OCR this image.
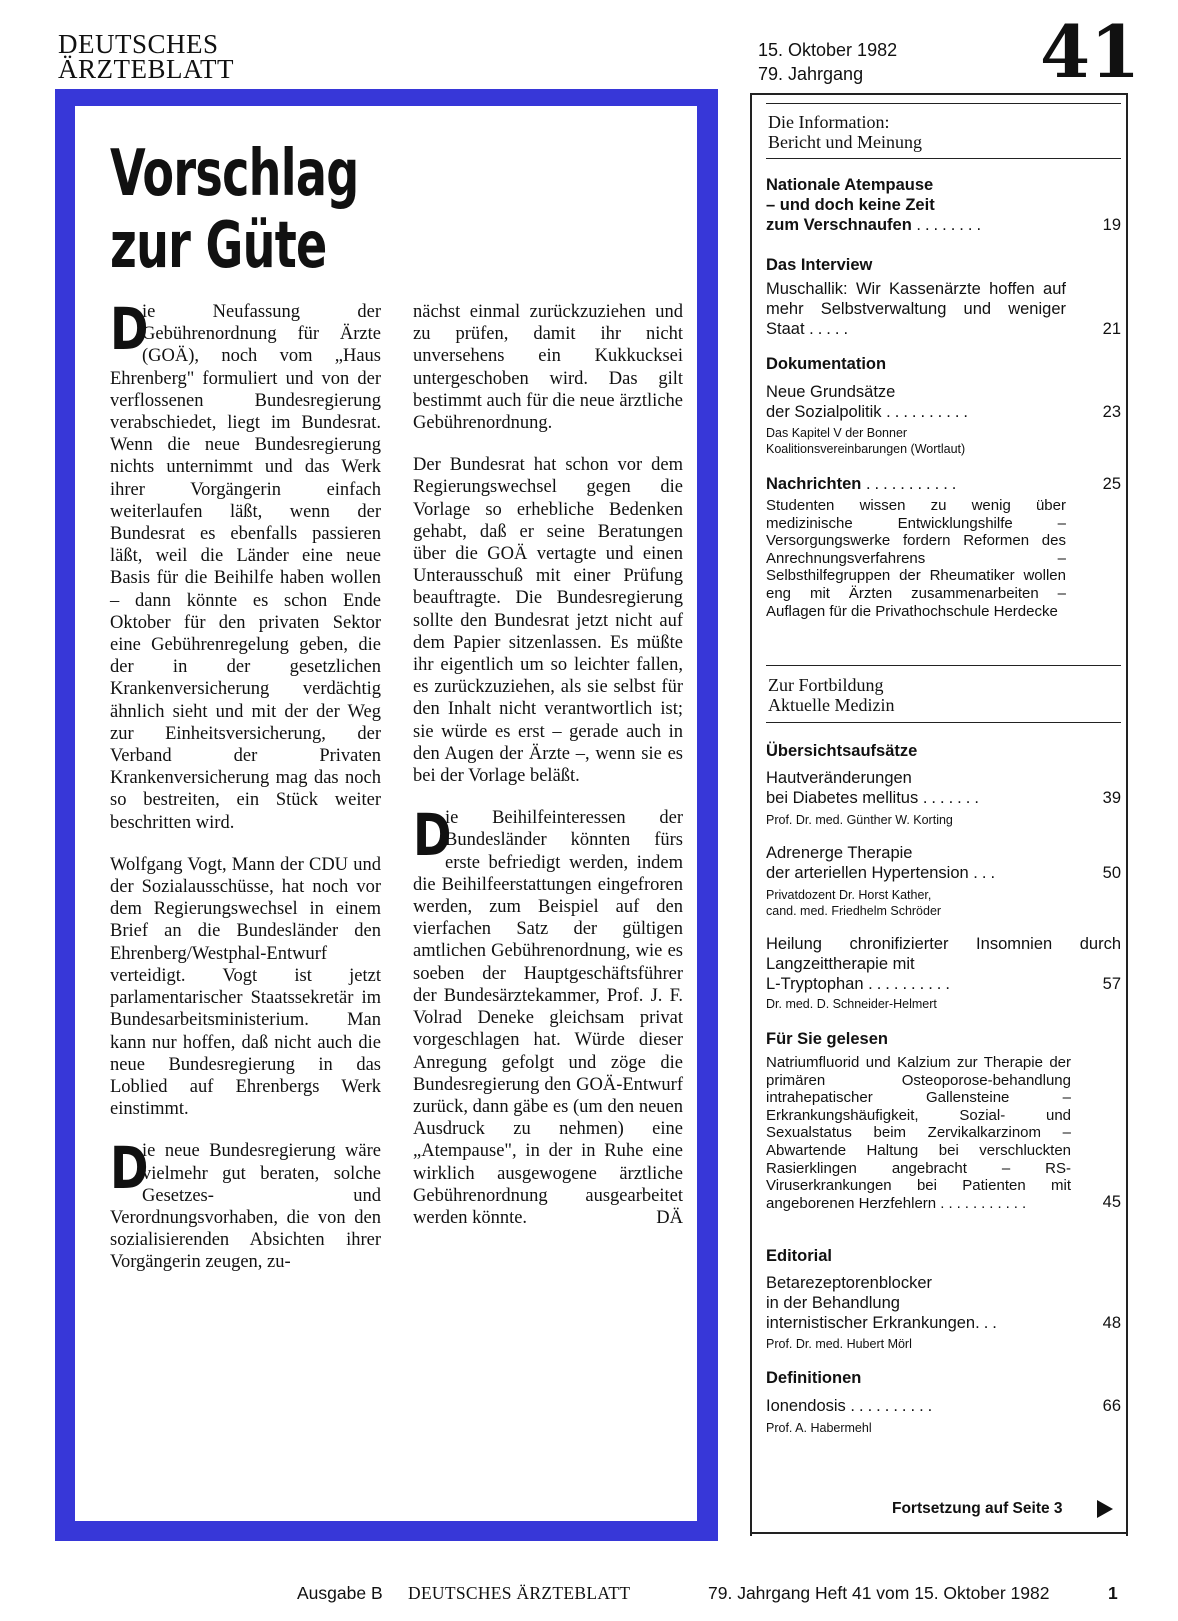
DEUTSCHES
ÄRZTEBLATT
15. Oktober 1982
79. Jahrgang	41
Vorschlag
zur Güte

D
ie Neufassung der Gebührenordnung für Ärzte (GOÄ), noch vom „Haus Ehrenberg" formuliert und von der verflossenen Bundesregierung verabschiedet, liegt im Bundesrat. Wenn die neue Bundesregierung nichts unternimmt und das Werk ihrer Vorgängerin einfach weiterlaufen läßt, wenn der Bundesrat es ebenfalls passieren läßt, weil die Länder eine neue Basis für die Beihilfe haben wollen – dann könnte es schon Ende Oktober für den privaten Sektor eine Gebührenregelung geben, die der in der gesetzlichen Krankenversicherung verdächtig ähnlich sieht und mit der der Weg zur Einheitsversicherung, der Verband der Privaten Krankenversicherung mag das noch so bestreiten, ein Stück weiter beschritten wird.

Wolfgang Vogt, Mann der CDU und der Sozialausschüsse, hat noch vor dem Regierungswechsel in einem Brief an die Bundesländer den Ehrenberg/Westphal-Entwurf verteidigt. Vogt ist jetzt parlamentarischer Staatssekretär im Bundesarbeitsministerium. Man kann nur hoffen, daß nicht auch die neue Bundesregierung in das Loblied auf Ehrenbergs Werk einstimmt.

D
ie neue Bundesregierung wäre vielmehr gut beraten, solche Gesetzes- und Verordnungsvorhaben, die von den sozialisierenden Absichten ihrer Vorgängerin zeugen, zu-

nächst einmal zurückzuziehen und zu prüfen, damit ihr nicht unversehens ein Kukkucksei untergeschoben wird. Das gilt bestimmt auch für die neue ärztliche Gebührenordnung.

Der Bundesrat hat schon vor dem Regierungswechsel gegen die Vorlage so erhebliche Bedenken gehabt, daß er seine Beratungen über die GOÄ vertagte und einen Unterausschuß mit einer Prüfung beauftragte. Die Bundesregierung sollte den Bundesrat jetzt nicht auf dem Papier sitzenlassen. Es müßte ihr eigentlich um so leichter fallen, es zurückzuziehen, als sie selbst für den Inhalt nicht verantwortlich ist; sie würde es erst – gerade auch in den Augen der Ärzte –, wenn sie es bei der Vorlage beläßt.

D
ie Beihilfeinteressen der Bundesländer könnten fürs erste befriedigt werden, indem die Beihilfeerstattungen eingefroren werden, zum Beispiel auf den vierfachen Satz der gültigen amtlichen Gebührenordnung, wie es soeben der Hauptgeschäftsführer der Bundesärztekammer, Prof. J. F. Volrad Deneke gleichsam privat vorgeschlagen hat. Würde dieser Anregung gefolgt und zöge die Bundesregierung den GOÄ-Entwurf zurück, dann gäbe es (um den neuen Ausdruck zu nehmen) eine „Atempause", in der in Ruhe eine wirklich ausgewogene ärztliche Gebührenordnung ausgearbeitet werden könnte.	DÄ

Die Information:
Bericht und Meinung
Nationale Atempause
– und doch keine Zeit
zum Verschnaufen ........	19
Das Interview
Muschallik: Wir Kassenärzte hoffen auf mehr Selbstverwaltung und weniger Staat .....	21
Dokumentation
Neue Grundsätze
der Sozialpolitik ..........	23
Das Kapitel V der Bonner
Koalitionsvereinbarungen (Wortlaut)
Nachrichten ...........	25
Studenten wissen zu wenig über medizinische Entwicklungshilfe – Versorgungswerke fordern Reformen des Anrechnungsverfahrens – Selbsthilfegruppen der Rheumatiker wollen eng mit Ärzten zusammenarbeiten – Auflagen für die Privathochschule Herdecke
Zur Fortbildung
Aktuelle Medizin
Übersichtsaufsätze
Hautveränderungen
bei Diabetes mellitus .......	39
Prof. Dr. med. Günther W. Korting
Adrenerge Therapie
der arteriellen Hypertension ...	50
Privatdozent Dr. Horst Kather,
cand. med. Friedhelm Schröder
Heilung chronifizierter Insomnien durch Langzeittherapie mit
L-Tryptophan ..........	57
Dr. med. D. Schneider-Helmert
Für Sie gelesen
Natriumfluorid und Kalzium zur Therapie der primären Osteoporose-behandlung intrahepatischer Gallensteine – Erkrankungshäufigkeit, Sozial- und Sexualstatus beim Zervikalkarzinom – Abwartende Haltung bei verschluckten Rasierklingen angebracht – RS-Viruserkrankungen bei Patienten mit angeborenen Herzfehlern ...........	45
Editorial
Betarezeptorenblocker
in der Behandlung
internistischer Erkrankungen...	48
Prof. Dr. med. Hubert Mörl
Definitionen
Ionendosis ..........	66
Prof. A. Habermehl
Fortsetzung auf Seite 3
Ausgabe B DEUTSCHES ÄRZTEBLATT	79. Jahrgang Heft 41 vom 15. Oktober 1982	1
